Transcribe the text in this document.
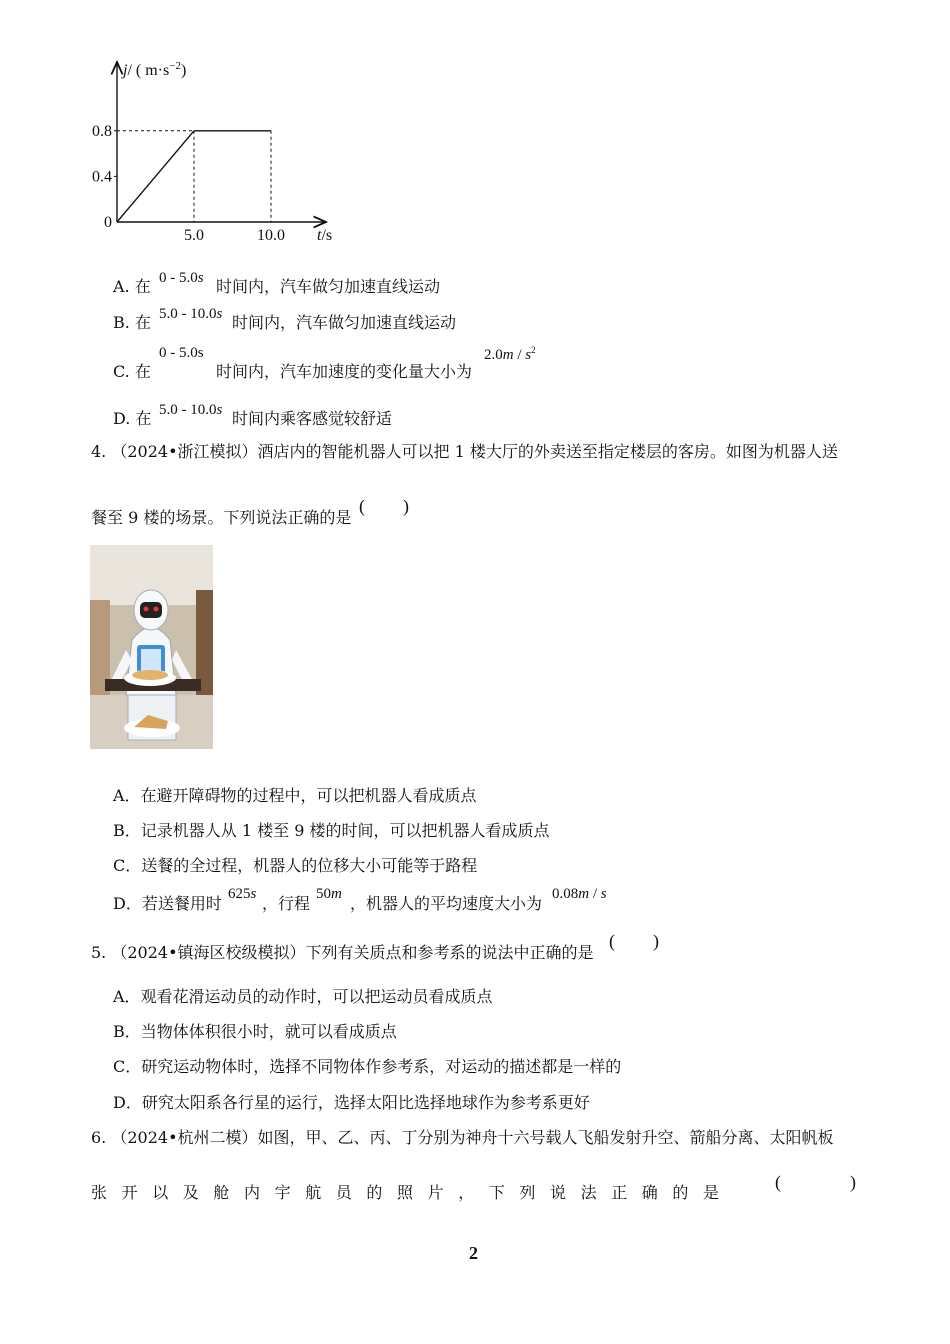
0.8
0.4
0
5.0	10.0
j/ ( $m\cdot s^{-2}$)
t/s
A. 在 0 - 5.0s 时间内，汽车做匀加速直线运动
B. 在 5.0 - 10.0s 时间内，汽车做匀加速直线运动
C. 在
0 - 5.0s
时间内，汽车加速度的变化量大小为
$2.0m / s^2$
D. 在 5.0 - 10.0s 时间内乘客感觉较舒适
4. （2024•浙江模拟）酒店内的智能机器人可以把 1 楼大厅的外卖送至指定楼层的客房。如图为机器人送
餐至 9 楼的场景。下列说法正确的是
( )
A．在避开障碍物的过程中，可以把机器人看成质点
B．记录机器人从 1 楼至 9 楼的时间，可以把机器人看成质点
C．送餐的全过程，机器人的位移大小可能等于路程
D．若送餐用时 625s ，行程 50m ，机器人的平均速度大小为 0.08m / s
5. （2024•镇海区校级模拟）下列有关质点和参考系的说法中正确的是
( )
A．观看花滑运动员的动作时，可以把运动员看成质点
B．当物体体积很小时，就可以看成质点
C．研究运动物体时，选择不同物体作参考系，对运动的描述都是一样的
D．研究太阳系各行星的运行，选择太阳比选择地球作为参考系更好
6. （2024•杭州二模）如图，甲、乙、丙、丁分别为神舟十六号载人飞船发射升空、箭船分离、太阳帆板
张开以及舱内宇航员的照片，下列说法正确的是
(	)
2
